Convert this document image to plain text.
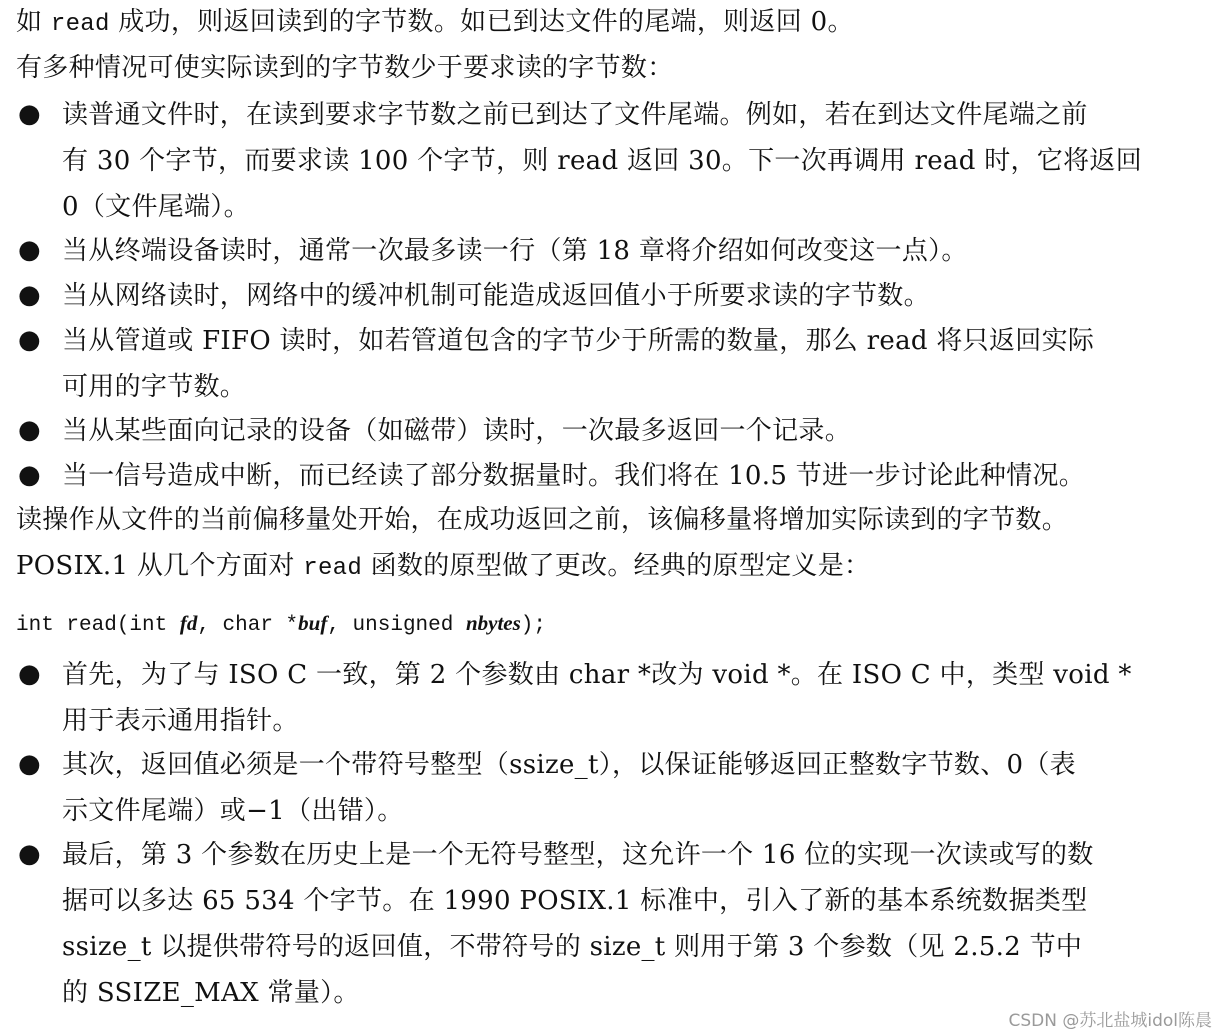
如 read 成功，则返回读到的字节数。如已到达文件的尾端，则返回 0。
有多种情况可使实际读到的字节数少于要求读的字节数：
● 读普通文件时，在读到要求字节数之前已到达了文件尾端。例如，若在到达文件尾端之前
有 30 个字节，而要求读 100 个字节，则 read 返回 30。下一次再调用 read 时，它将返回
0（文件尾端）。
● 当从终端设备读时，通常一次最多读一行（第 18 章将介绍如何改变这一点）。
● 当从网络读时，网络中的缓冲机制可能造成返回值小于所要求读的字节数。
● 当从管道或 FIFO 读时，如若管道包含的字节少于所需的数量，那么 read 将只返回实际
可用的字节数。
● 当从某些面向记录的设备（如磁带）读时，一次最多返回一个记录。
● 当一信号造成中断，而已经读了部分数据量时。我们将在 10.5 节进一步讨论此种情况。
读操作从文件的当前偏移量处开始，在成功返回之前，该偏移量将增加实际读到的字节数。
POSIX.1 从几个方面对 read 函数的原型做了更改。经典的原型定义是：
int read(int fd, char *buf, unsigned nbytes);
● 首先，为了与 ISO C 一致，第 2 个参数由 char *改为 void *。在 ISO C 中，类型 void *
用于表示通用指针。
● 其次，返回值必须是一个带符号整型（ssize_t），以保证能够返回正整数字节数、0（表
示文件尾端）或−1（出错）。
● 最后，第 3 个参数在历史上是一个无符号整型，这允许一个 16 位的实现一次读或写的数
据可以多达 65 534 个字节。在 1990 POSIX.1 标准中，引入了新的基本系统数据类型
ssize_t 以提供带符号的返回值，不带符号的 size_t 则用于第 3 个参数（见 2.5.2 节中
的 SSIZE_MAX 常量）。
CSDN @苏北盐城idol陈晨
